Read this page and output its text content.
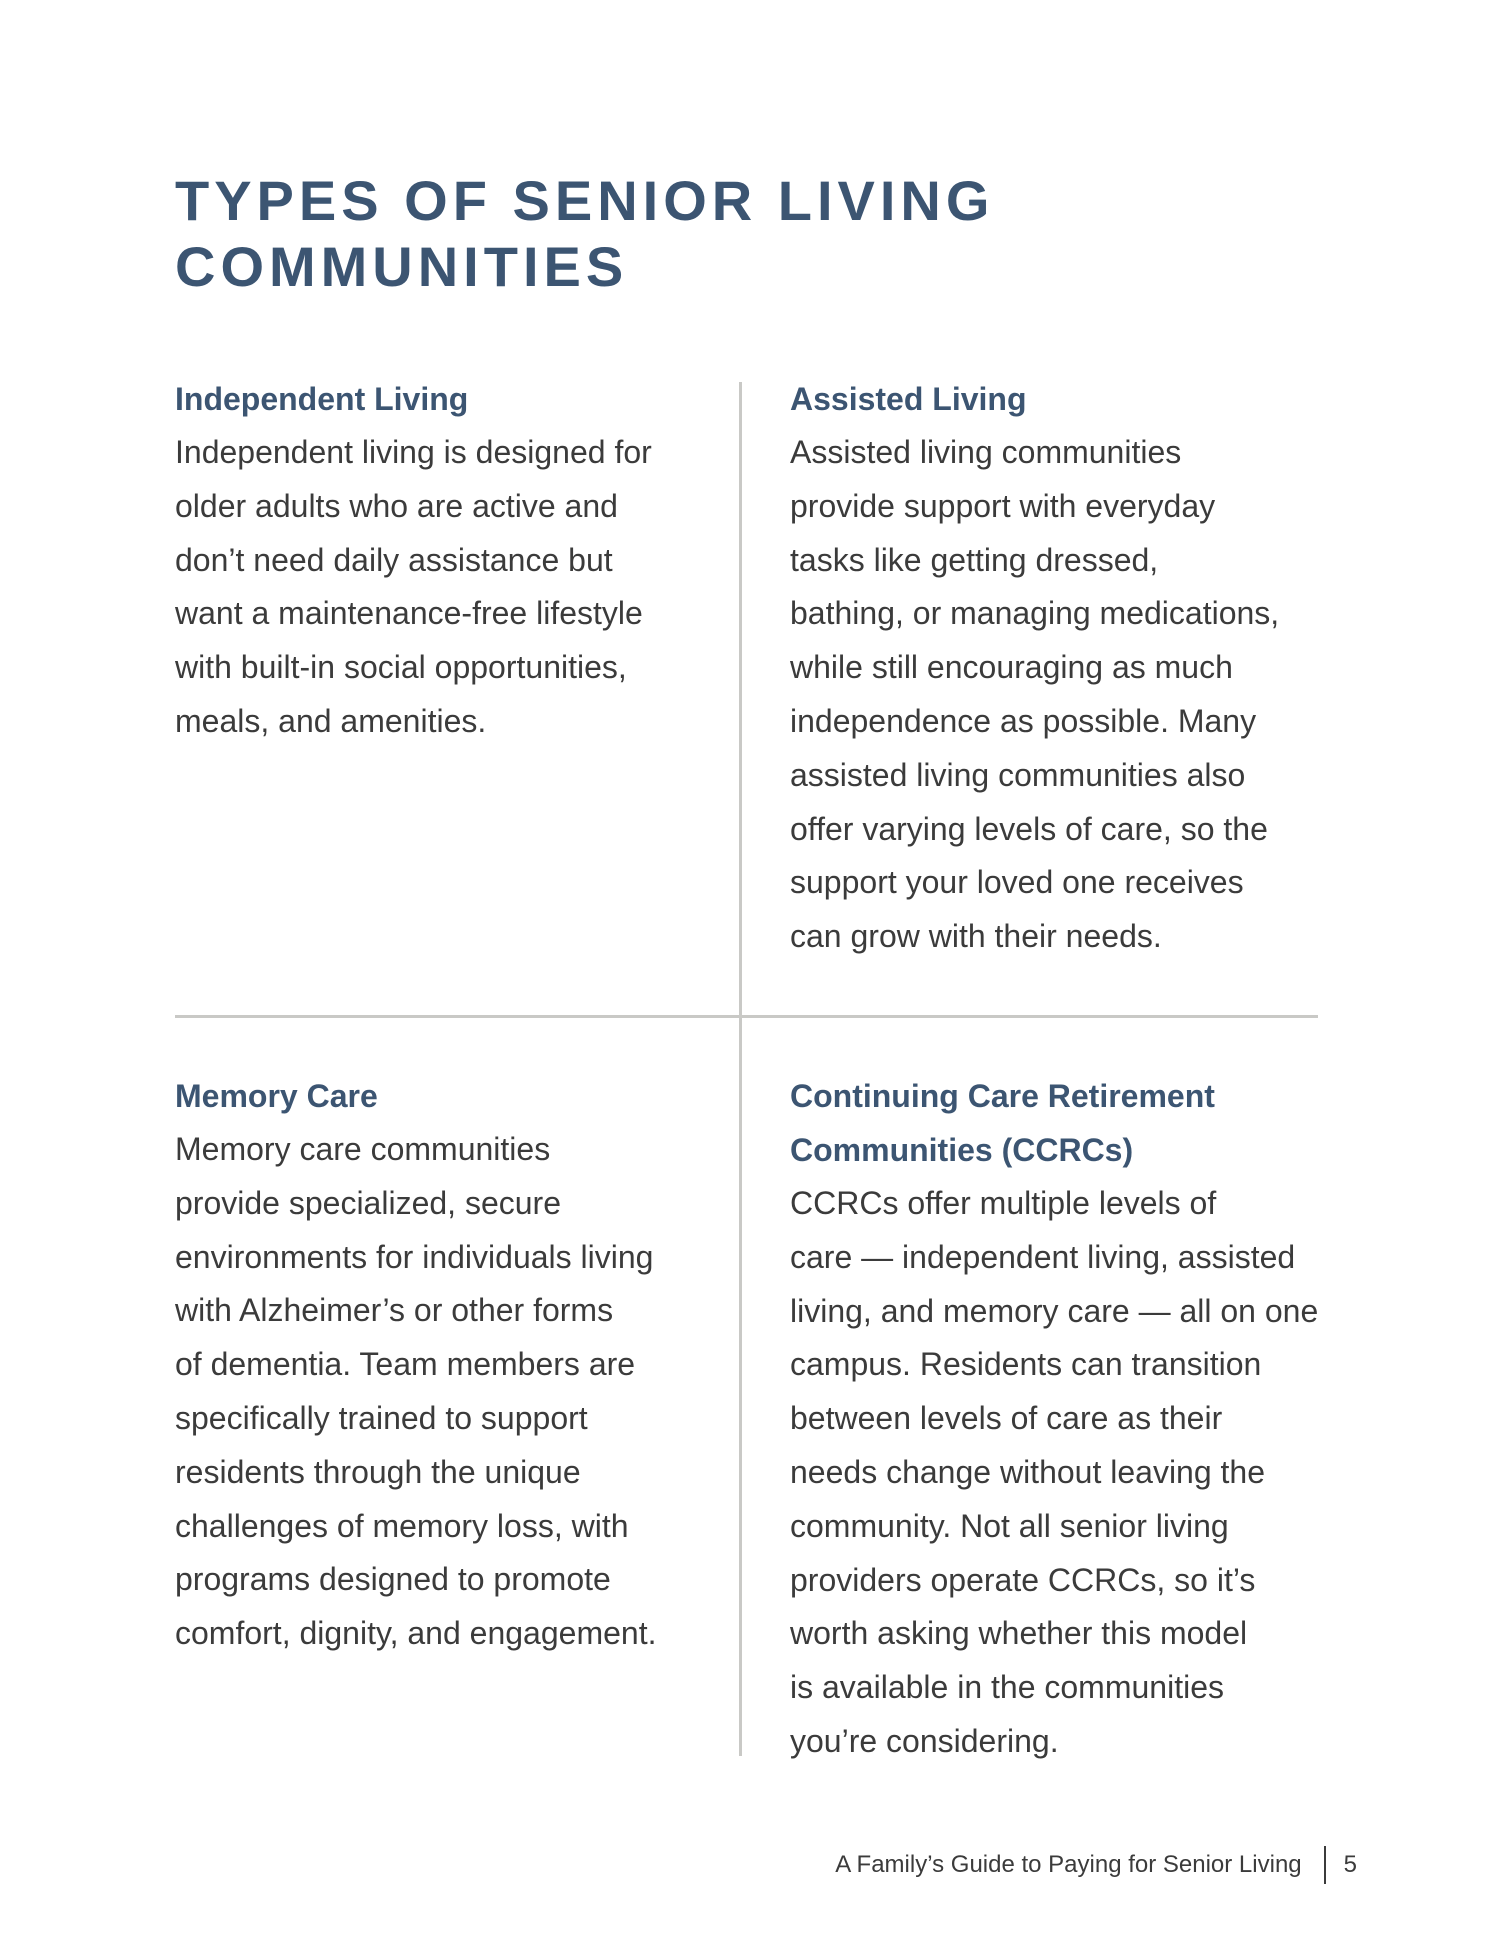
TYPES OF SENIOR LIVING
COMMUNITIES
Independent Living

Independent living is designed for
older adults who are active and
don’t need daily assistance but
want a maintenance-free lifestyle
with built-in social opportunities,
meals, and amenities.

Assisted Living

Assisted living communities
provide support with everyday
tasks like getting dressed,
bathing, or managing medications,
while still encouraging as much
independence as possible. Many
assisted living communities also
offer varying levels of care, so the
support your loved one receives
can grow with their needs.

Memory Care

Memory care communities
provide specialized, secure
environments for individuals living
with Alzheimer’s or other forms
of dementia. Team members are
specifically trained to support
residents through the unique
challenges of memory loss, with
programs designed to promote
comfort, dignity, and engagement.

Continuing Care Retirement
Communities (CCRCs)

CCRCs offer multiple levels of
care — independent living, assisted
living, and memory care — all on one
campus. Residents can transition
between levels of care as their
needs change without leaving the
community. Not all senior living
providers operate CCRCs, so it’s
worth asking whether this model
is available in the communities
you’re considering.

A Family’s Guide to Paying for Senior Living 5
